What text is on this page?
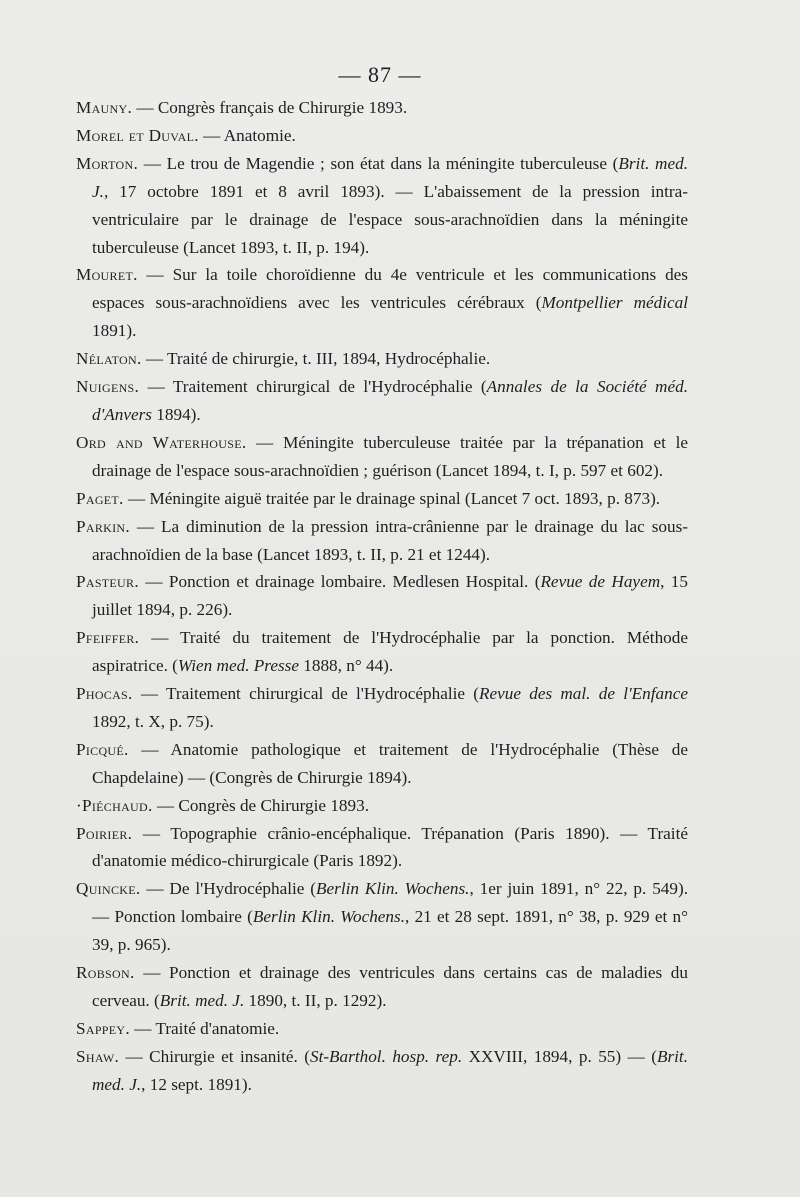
— 87 —

Mauny. — Congrès français de Chirurgie 1893.

Morel et Duval. — Anatomie.

Morton. — Le trou de Magendie ; son état dans la méningite tuberculeuse (Brit. med. J., 17 octobre 1891 et 8 avril 1893). — L'abaissement de la pression intra-ventriculaire par le drainage de l'espace sous-arachnoïdien dans la méningite tuberculeuse (Lancet 1893, t. II, p. 194).

Mouret. — Sur la toile choroïdienne du 4e ventricule et les communications des espaces sous-arachnoïdiens avec les ventricules cérébraux (Montpellier médical 1891).

Nélaton. — Traité de chirurgie, t. III, 1894, Hydrocéphalie.

Nuigens. — Traitement chirurgical de l'Hydrocéphalie (Annales de la Société méd. d'Anvers 1894).

Ord and Waterhouse. — Méningite tuberculeuse traitée par la trépanation et le drainage de l'espace sous-arachnoïdien ; guérison (Lancet 1894, t. I, p. 597 et 602).

Paget. — Méningite aiguë traitée par le drainage spinal (Lancet 7 oct. 1893, p. 873).

Parkin. — La diminution de la pression intra-crânienne par le drainage du lac sous-arachnoïdien de la base (Lancet 1893, t. II, p. 21 et 1244).

Pasteur. — Ponction et drainage lombaire. Medlesen Hospital. (Revue de Hayem, 15 juillet 1894, p. 226).

Pfeiffer. — Traité du traitement de l'Hydrocéphalie par la ponction. Méthode aspiratrice. (Wien med. Presse 1888, n° 44).

Phocas. — Traitement chirurgical de l'Hydrocéphalie (Revue des mal. de l'Enfance 1892, t. X, p. 75).

Picqué. — Anatomie pathologique et traitement de l'Hydrocéphalie (Thèse de Chapdelaine) — (Congrès de Chirurgie 1894).

·Piéchaud. — Congrès de Chirurgie 1893.

Poirier. — Topographie crânio-encéphalique. Trépanation (Paris 1890). — Traité d'anatomie médico-chirurgicale (Paris 1892).

Quincke. — De l'Hydrocéphalie (Berlin Klin. Wochens., 1er juin 1891, n° 22, p. 549). — Ponction lombaire (Berlin Klin. Wochens., 21 et 28 sept. 1891, n° 38, p. 929 et n° 39, p. 965).

Robson. — Ponction et drainage des ventricules dans certains cas de maladies du cerveau. (Brit. med. J. 1890, t. II, p. 1292).

Sappey. — Traité d'anatomie.

Shaw. — Chirurgie et insanité. (St-Barthol. hosp. rep. XXVIII, 1894, p. 55) — (Brit. med. J., 12 sept. 1891).
